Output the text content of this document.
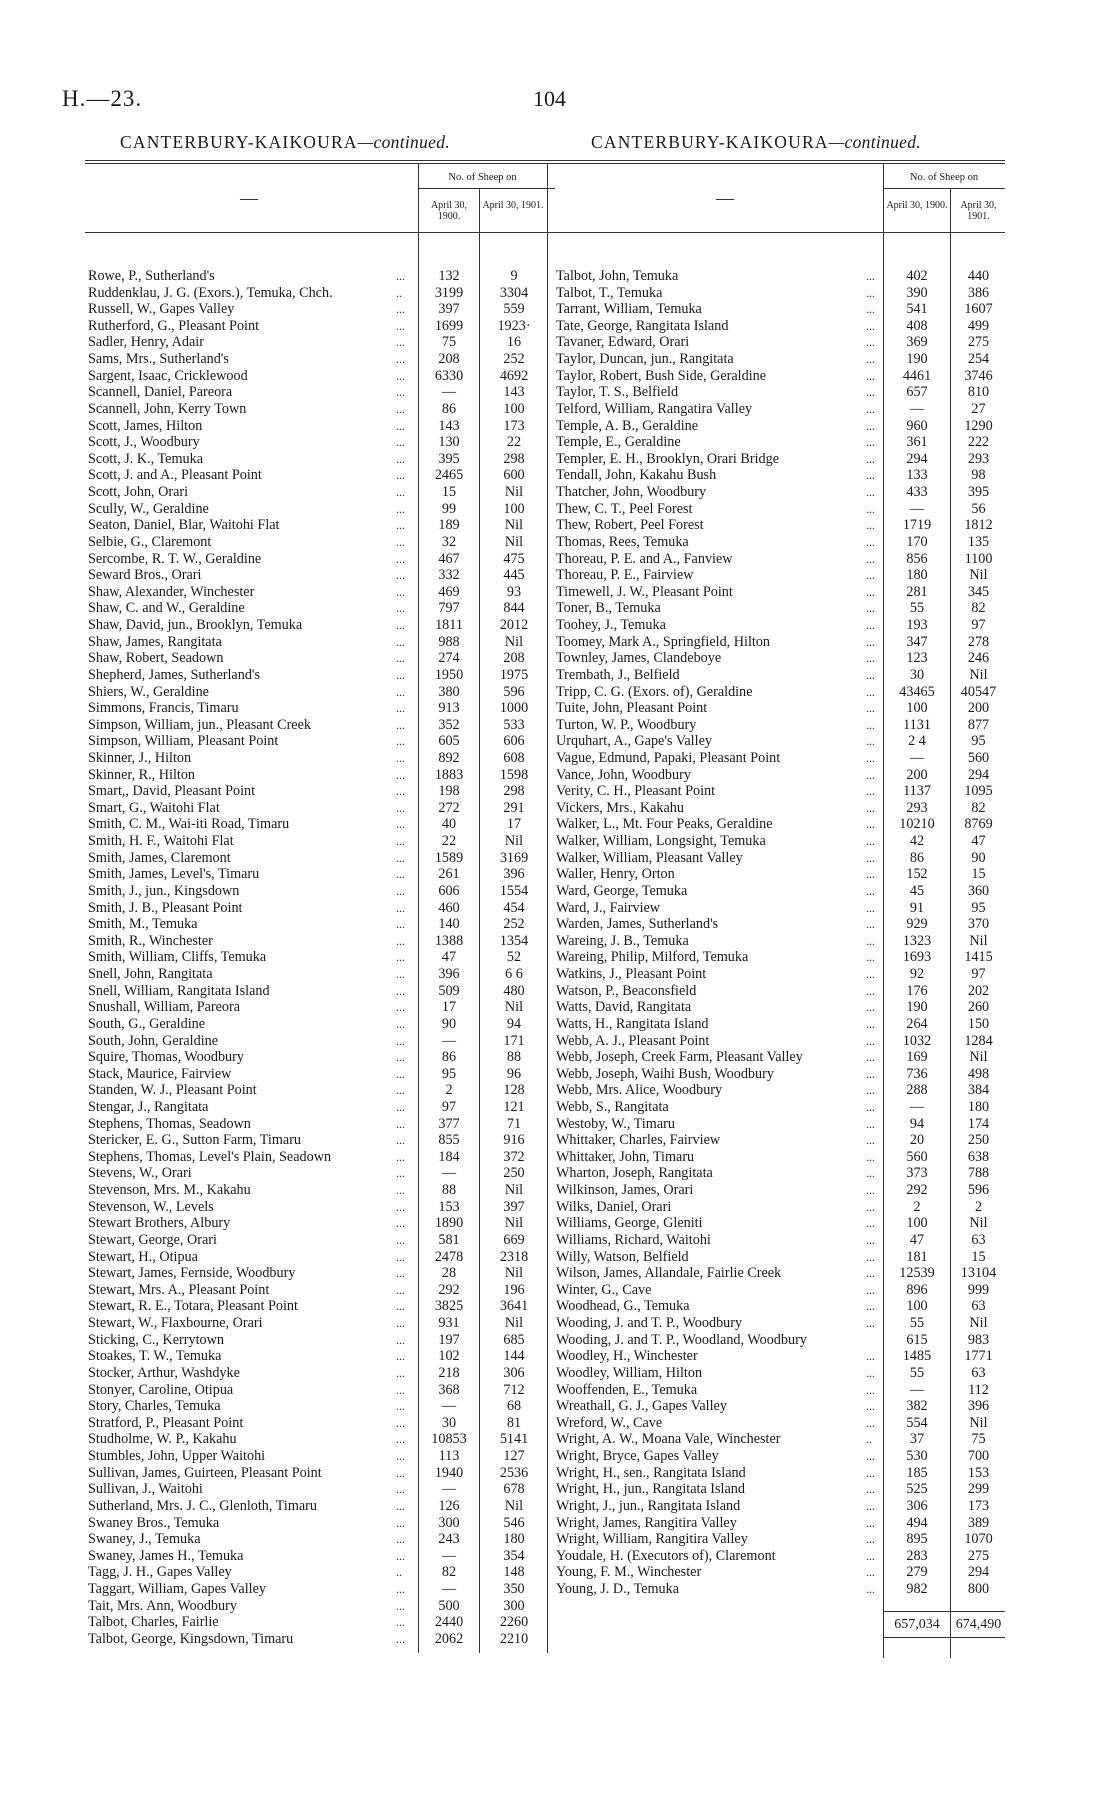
H.—23.	104
CANTERBURY-KAIKOURA—continued.
—
No. of Sheep on
April 30, 1900.
April 30, 1901.
Rowe, P., Sutherland's	...	132	9
Ruddenklau, J. G. (Exors.), Temuka, Chch.	..	3199	3304
Russell, W., Gapes Valley	...	397	559
Rutherford, G., Pleasant Point	...	1699	1923·
Sadler, Henry, Adair	...	75	16
Sams, Mrs., Sutherland's	...	208	252
Sargent, Isaac, Cricklewood	...	6330	4692
Scannell, Daniel, Pareora	...	—	143
Scannell, John, Kerry Town	...	86	100
Scott, James, Hilton	...	143	173
Scott, J., Woodbury	...	130	22
Scott, J. K., Temuka	...	395	298
Scott, J. and A., Pleasant Point	...	2465	600
Scott, John, Orari	...	15	Nil
Scully, W., Geraldine	...	99	100
Seaton, Daniel, Blar, Waitohi Flat	...	189	Nil
Selbie, G., Claremont	...	32	Nil
Sercombe, R. T. W., Geraldine	...	467	475
Seward Bros., Orari	...	332	445
Shaw, Alexander, Winchester	...	469	93
Shaw, C. and W., Geraldine	...	797	844
Shaw, David, jun., Brooklyn, Temuka	...	1811	2012
Shaw, James, Rangitata	...	988	Nil
Shaw, Robert, Seadown	...	274	208
Shepherd, James, Sutherland's	...	1950	1975
Shiers, W., Geraldine	...	380	596
Simmons, Francis, Timaru	...	913	1000
Simpson, William, jun., Pleasant Creek	...	352	533
Simpson, William, Pleasant Point	...	605	606
Skinner, J., Hilton	...	892	608
Skinner, R., Hilton	...	1883	1598
Smart,, David, Pleasant Point	...	198	298
Smart, G., Waitohi Flat	...	272	291
Smith, C. M., Wai-iti Road, Timaru	...	40	17
Smith, H. F., Waitohi Flat	...	22	Nil
Smith, James, Claremont	...	1589	3169
Smith, James, Level's, Timaru	...	261	396
Smith, J., jun., Kingsdown	...	606	1554
Smith, J. B., Pleasant Point	...	460	454
Smith, M., Temuka	...	140	252
Smith, R., Winchester	...	1388	1354
Smith, William, Cliffs, Temuka	...	47	52
Snell, John, Rangitata	...	396	6 6
Snell, William, Rangitata Island	...	509	480
Snushall, William, Pareora	...	17	Nil
South, G., Geraldine	...	90	94
South, John, Geraldine	...	—	171
Squire, Thomas, Woodbury	...	86	88
Stack, Maurice, Fairview	...	95	96
Standen, W. J., Pleasant Point	...	2	128
Stengar, J., Rangitata	...	97	121
Stephens, Thomas, Seadown	...	377	71
Stericker, E. G., Sutton Farm, Timaru	...	855	916
Stephens, Thomas, Level's Plain, Seadown	...	184	372
Stevens, W., Orari	...	—	250
Stevenson, Mrs. M., Kakahu	...	88	Nil
Stevenson, W., Levels	...	153	397
Stewart Brothers, Albury	...	1890	Nil
Stewart, George, Orari	...	581	669
Stewart, H., Otipua	...	2478	2318
Stewart, James, Fernside, Woodbury	...	28	Nil
Stewart, Mrs. A., Pleasant Point	...	292	196
Stewart, R. E., Totara, Pleasant Point	...	3825	3641
Stewart, W., Flaxbourne, Orari	...	931	Nil
Sticking, C., Kerrytown	...	197	685
Stoakes, T. W., Temuka	...	102	144
Stocker, Arthur, Washdyke	...	218	306
Stonyer, Caroline, Otipua	...	368	712
Story, Charles, Temuka	...	—	68
Stratford, P., Pleasant Point	...	30	81
Studholme, W. P., Kakahu	...	10853	5141
Stumbles, John, Upper Waitohi	...	113	127
Sullivan, James, Guirteen, Pleasant Point	...	1940	2536
Sullivan, J., Waitohi	...	—	678
Sutherland, Mrs. J. C., Glenloth, Timaru	...	126	Nil
Swaney Bros., Temuka	...	300	546
Swaney, J., Temuka	...	243	180
Swaney, James H., Temuka	...	—	354
Tagg, J. H., Gapes Valley	..	82	148
Taggart, William, Gapes Valley	...	—	350
Tait, Mrs. Ann, Woodbury	...	500	300
Talbot, Charles, Fairlie	...	2440	2260
Talbot, George, Kingsdown, Timaru	...	2062	2210
CANTERBURY-KAIKOURA—continued.
—
No. of Sheep on
April 30, 1900.	April 30, 1901.
Talbot, John, Temuka	...	402	440
Talbot, T., Temuka	...	390	386
Tarrant, William, Temuka	...	541	1607
Tate, George, Rangitata Island	...	408	499
Tavaner, Edward, Orari	...	369	275
Taylor, Duncan, jun., Rangitata	...	190	254
Taylor, Robert, Bush Side, Geraldine	...	4461	3746
Taylor, T. S., Belfield	...	657	810
Telford, William, Rangatira Valley	...	—	27
Temple, A. B., Geraldine	...	960	1290
Temple, E., Geraldine	...	361	222
Templer, E. H., Brooklyn, Orari Bridge	...	294	293
Tendall, John, Kakahu Bush	...	133	98
Thatcher, John, Woodbury	...	433	395
Thew, C. T., Peel Forest	...	—	56
Thew, Robert, Peel Forest	...	1719	1812
Thomas, Rees, Temuka	...	170	135
Thoreau, P. E. and A., Fanview	...	856	1100
Thoreau, P. E., Fairview	...	180	Nil
Timewell, J. W., Pleasant Point	...	281	345
Toner, B., Temuka	...	55	82
Toohey, J., Temuka	...	193	97
Toomey, Mark A., Springfield, Hilton	...	347	278
Townley, James, Clandeboye	...	123	246
Trembath, J., Belfield	...	30	Nil
Tripp, C. G. (Exors. of), Geraldine	...	43465	40547
Tuite, John, Pleasant Point	...	100	200
Turton, W. P., Woodbury	...	1131	877
Urquhart, A., Gape's Valley	...	2 4	95
Vague, Edmund, Papaki, Pleasant Point	...	—	560
Vance, John, Woodbury	...	200	294
Verity, C. H., Pleasant Point	...	1137	1095
Vickers, Mrs., Kakahu	...	293	82
Walker, L., Mt. Four Peaks, Geraldine	...	10210	8769
Walker, William, Longsight, Temuka	...	42	47
Walker, William, Pleasant Valley	...	86	90
Waller, Henry, Orton	...	152	15
Ward, George, Temuka	...	45	360
Ward, J., Fairview	...	91	95
Warden, James, Sutherland's	...	929	370
Wareing, J. B., Temuka	...	1323	Nil
Wareing, Philip, Milford, Temuka	...	1693	1415
Watkins, J., Pleasant Point	...	92	97
Watson, P., Beaconsfield	...	176	202
Watts, David, Rangitata	...	190	260
Watts, H., Rangitata Island	...	264	150
Webb, A. J., Pleasant Point	...	1032	1284
Webb, Joseph, Creek Farm, Pleasant Valley	...	169	Nil
Webb, Joseph, Waihi Bush, Woodbury	...	736	498
Webb, Mrs. Alice, Woodbury	...	288	384
Webb, S., Rangitata	...	—	180
Westoby, W., Timaru	...	94	174
Whittaker, Charles, Fairview	...	20	250
Whittaker, John, Timaru	...	560	638
Wharton, Joseph, Rangitata	...	373	788
Wilkinson, James, Orari	...	292	596
Wilks, Daniel, Orari	...	2	2
Williams, George, Gleniti	...	100	Nil
Williams, Richard, Waitohi	...	47	63
Willy, Watson, Belfield	...	181	15
Wilson, James, Allandale, Fairlie Creek	...	12539	13104
Winter, G., Cave	...	896	999
Woodhead, G., Temuka	...	100	63
Wooding, J. and T. P., Woodbury	...	55	Nil
Wooding, J. and T. P., Woodland, Woodbury	615	983
Woodley, H., Winchester	...	1485	1771
Woodley, William, Hilton	...	55	63
Wooffenden, E., Temuka	...	—	112
Wreathall, G. J., Gapes Valley	...	382	396
Wreford, W., Cave	...	554	Nil
Wright, A. W., Moana Vale, Winchester	..	37	75
Wright, Bryce, Gapes Valley	...	530	700
Wright, H., sen., Rangitata Island	...	185	153
Wright, H., jun., Rangitata Island	...	525	299
Wright, J., jun., Rangitata Island	...	306	173
Wright, James, Rangitira Valley	...	494	389
Wright, William, Rangitira Valley	...	895	1070
Youdale, H. (Executors of), Claremont	...	283	275
Young, F. M., Winchester	...	279	294
Young, J. D., Temuka	...	982	800
657,034	674,490
